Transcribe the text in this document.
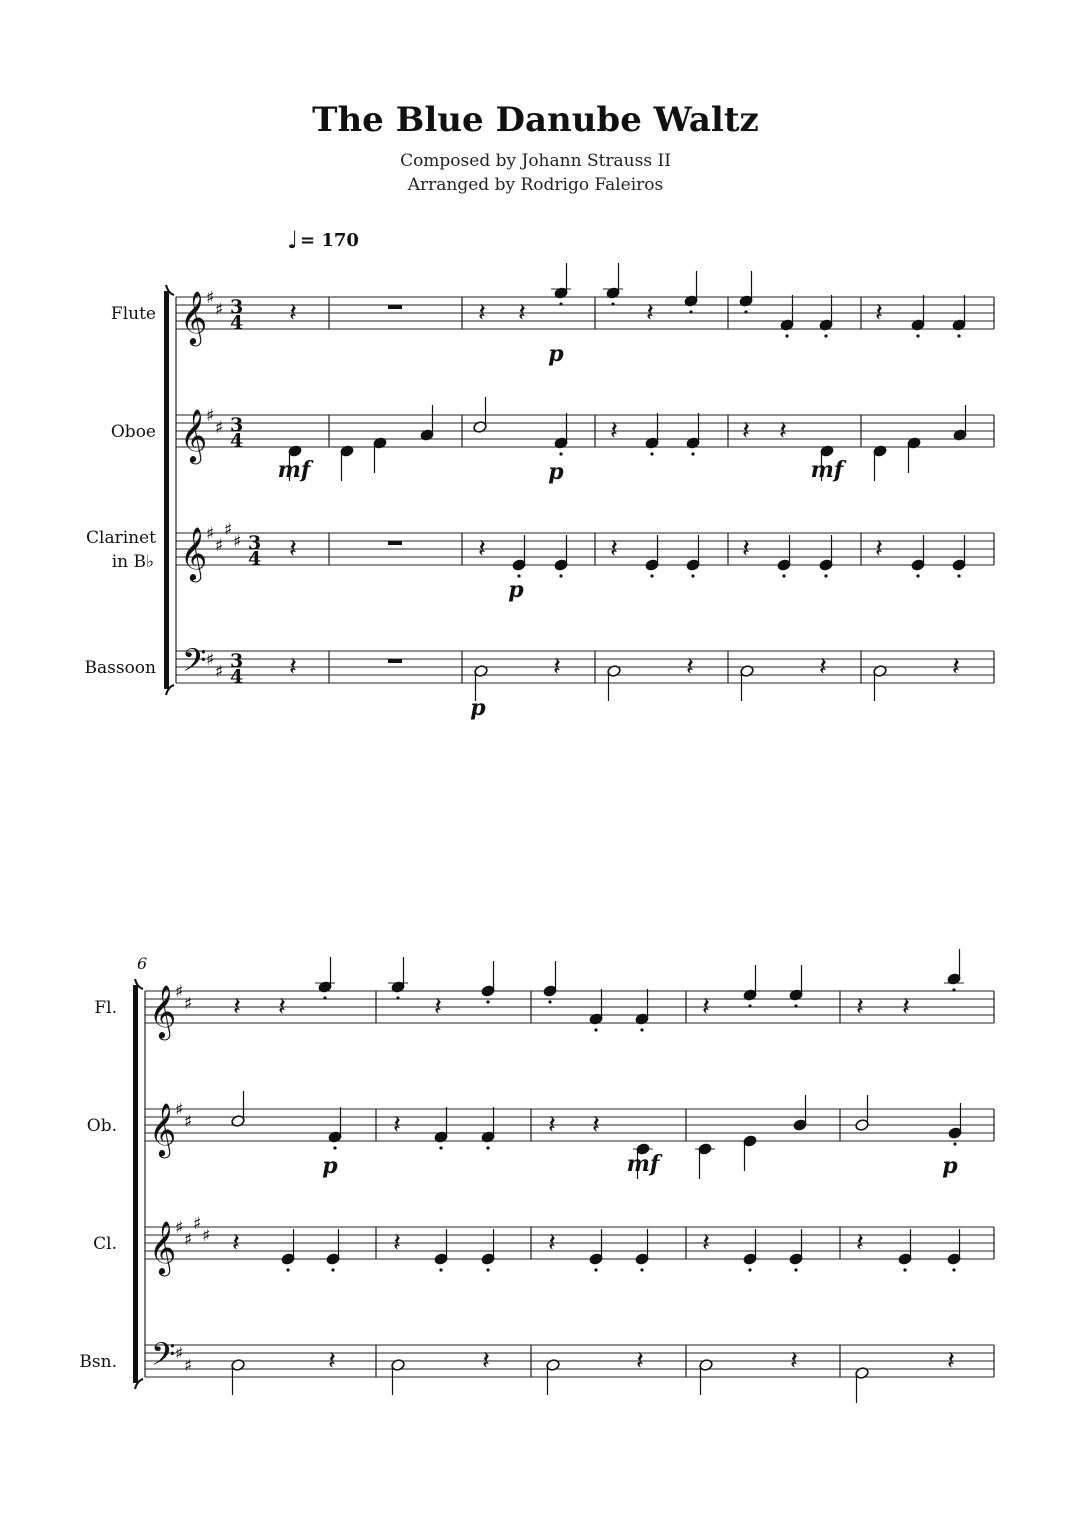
The Blue Danube Waltz
Composed by Johann Strauss II
Arranged by Rodrigo Faleiros
𝄞
♯
♯ 3
4
Flute
𝄞
♯
♯ 3
4
Oboe
𝄞
♯
♯
♯
♯ 3
4
Clarinet
in B♭
𝄢 ♯
♯ 3
4
Bassoon
𝄞
♯
♯
Fl.
𝄞
♯
♯
Ob.
𝄞
♯
♯
♯
♯
Cl.
𝄢 ♯
♯
Bsn.
6
♩ = 170
𝄽
mf
𝄽
𝄽
𝄽 𝄽
p
p
𝄽
p
𝄽
p
𝄽
𝄽
𝄽
𝄽
𝄽 𝄽
mf
𝄽
𝄽
𝄽
𝄽
𝄽
𝄽 𝄽
p
𝄽
𝄽
𝄽
𝄽
𝄽
𝄽
𝄽 𝄽
mf
𝄽
𝄽
𝄽
𝄽
𝄽
𝄽 𝄽
p
𝄽
𝄽
